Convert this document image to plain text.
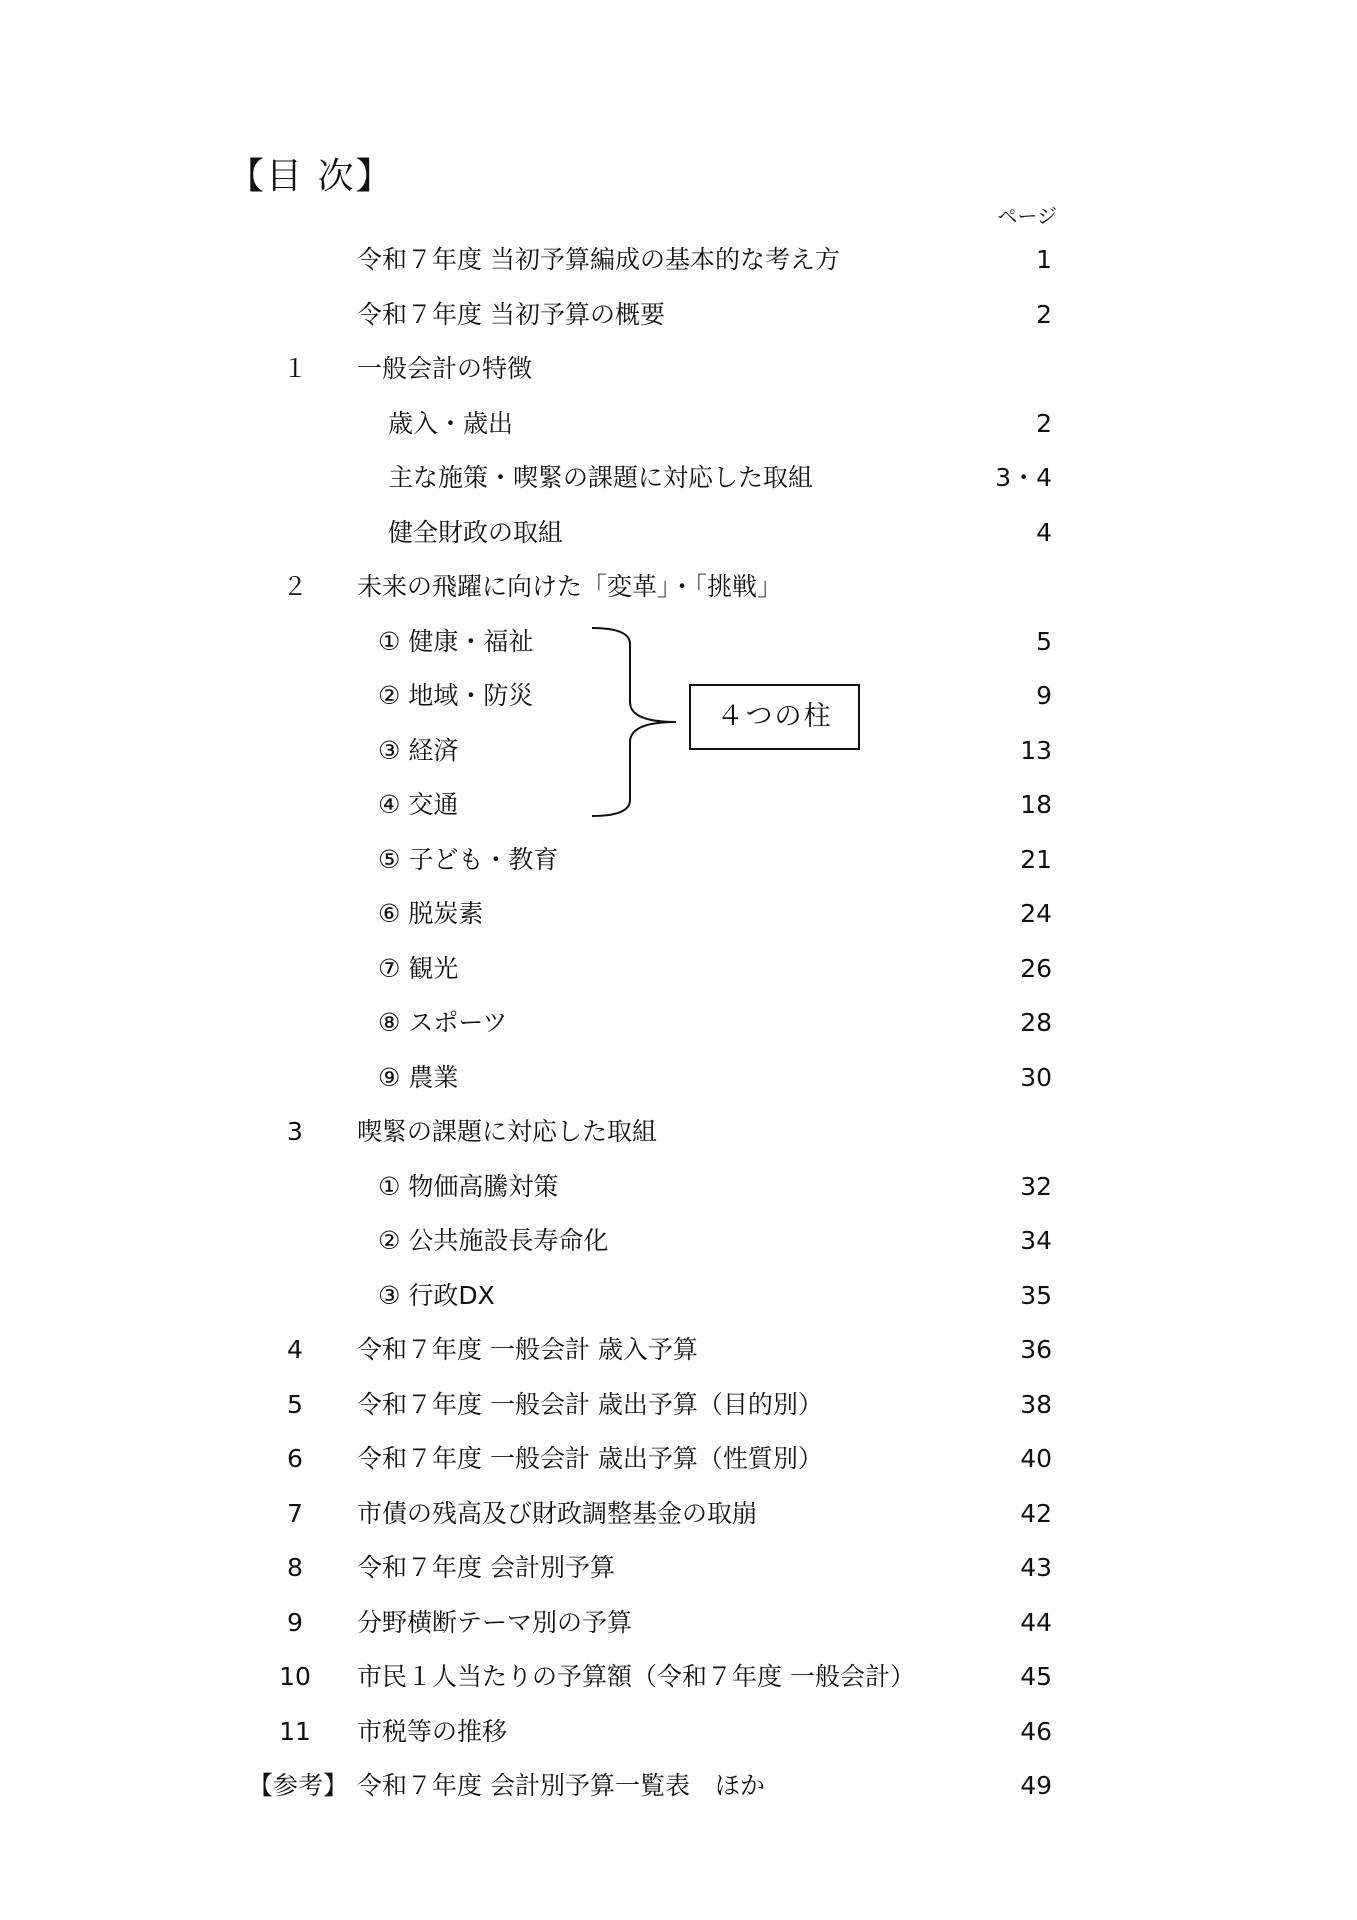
【目 次】
ページ
令和７年度 当初予算編成の基本的な考え方	1
令和７年度 当初予算の概要	2
１	一般会計の特徴
歳入・歳出	2
主な施策・喫緊の課題に対応した取組	3・4
健全財政の取組	4
２	未来の飛躍に向けた「変革」・「挑戦」
① 健康・福祉	5
② 地域・防災	9
③ 経済	13
④ 交通	18
⑤ 子ども・教育	21
⑥ 脱炭素	24
⑦ 観光	26
⑧ スポーツ	28
⑨ 農業	30
3	喫緊の課題に対応した取組
① 物価高騰対策	32
② 公共施設長寿命化	34
③ 行政DX	35
4	令和７年度 一般会計 歳入予算	36
5	令和７年度 一般会計 歳出予算（目的別）	38
6	令和７年度 一般会計 歳出予算（性質別）	40
7	市債の残高及び財政調整基金の取崩	42
8	令和７年度 会計別予算	43
9	分野横断テーマ別の予算	44
10	市民１人当たりの予算額（令和７年度 一般会計）	45
11	市税等の推移	46
【参考】 令和７年度 会計別予算一覧表　ほか	49
４つの柱
